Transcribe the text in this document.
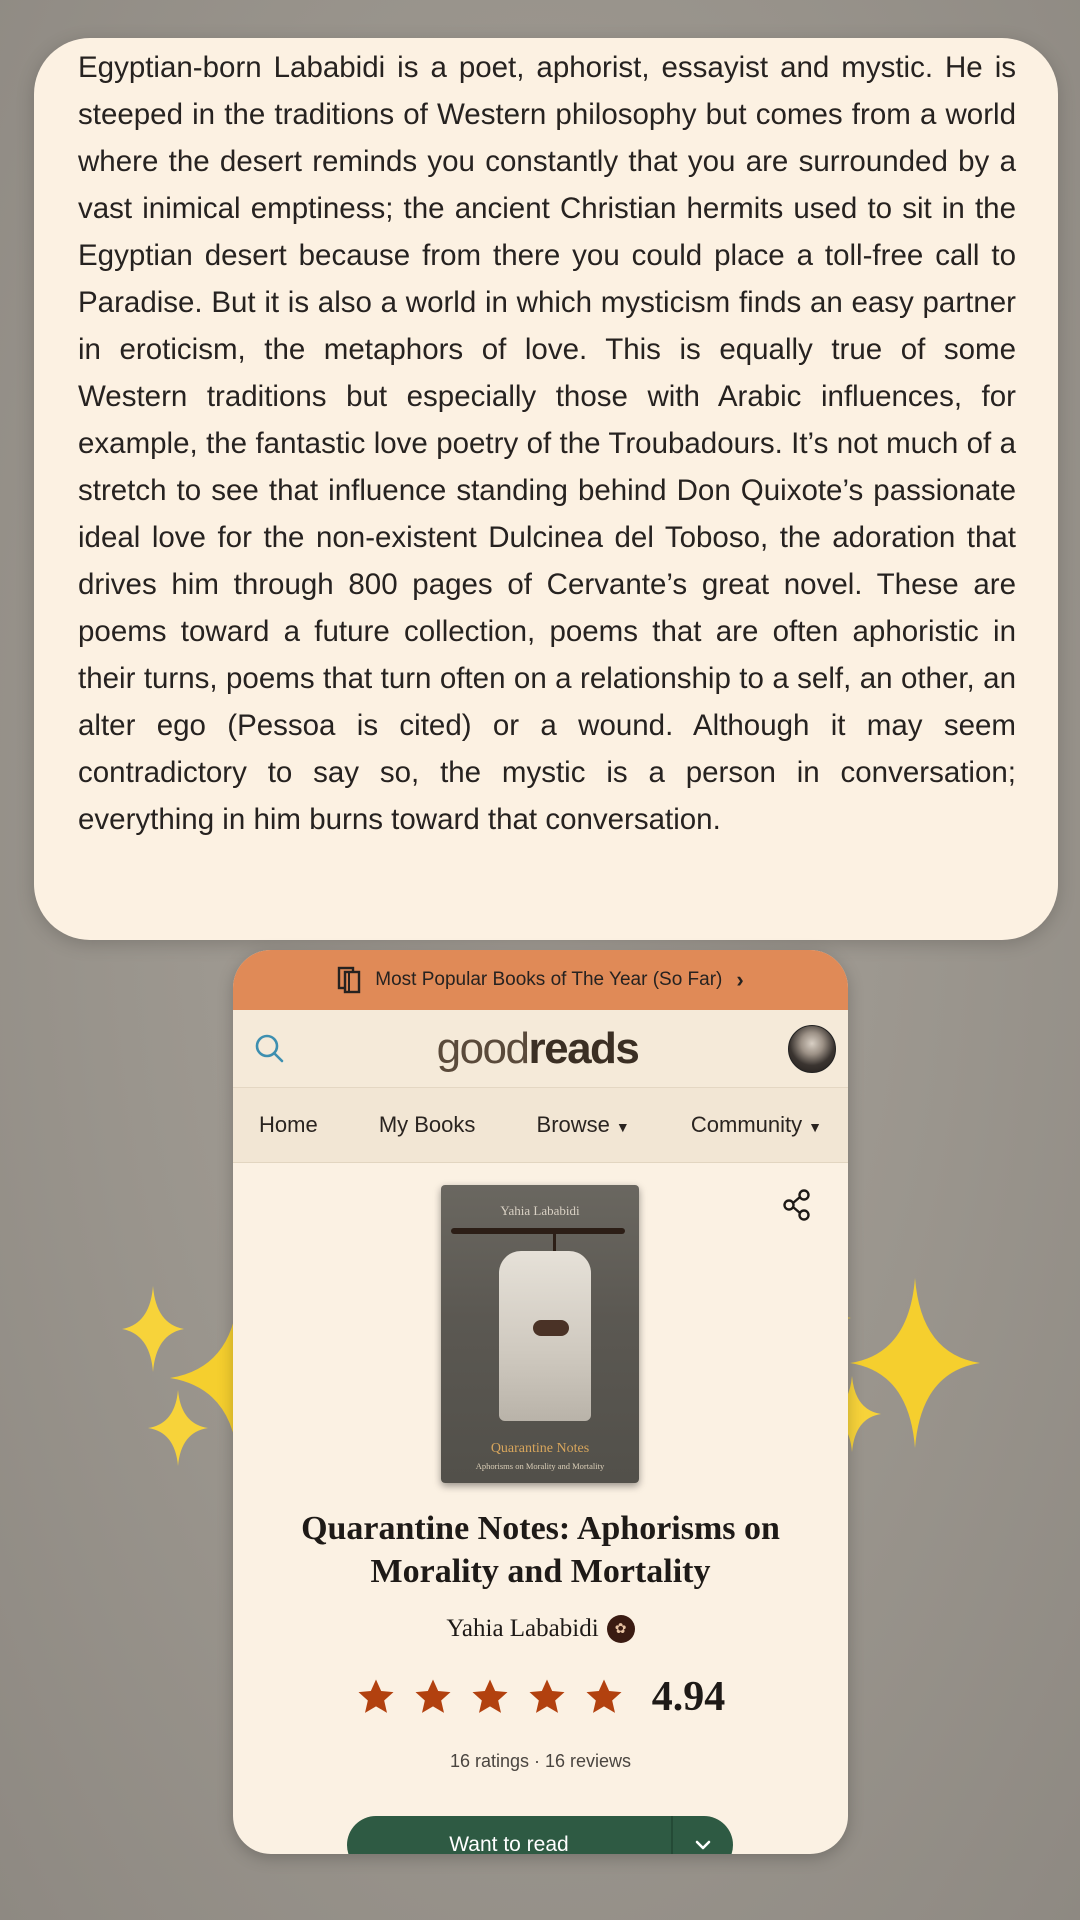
Egyptian-born Lababidi is a poet, aphorist, essayist and mystic. He is steeped in the traditions of Western philosophy but comes from a world where the desert reminds you constantly that you are surrounded by a vast inimical emptiness; the ancient Christian hermits used to sit in the Egyptian desert because from there you could place a toll-free call to Paradise. But it is also a world in which mysticism finds an easy partner in eroticism, the metaphors of love. This is equally true of some Western traditions but especially those with Arabic influences, for example, the fantastic love poetry of the Troubadours. It’s not much of a stretch to see that influence standing behind Don Quixote’s passionate ideal love for the non-existent Dulcinea del Toboso, the adoration that drives him through 800 pages of Cervante’s great novel. These are poems toward a future collection, poems that are often aphoristic in their turns, poems that turn often on a relationship to a self, an other, an alter ego (Pessoa is cited) or a wound. Although it may seem contradictory to say so, the mystic is a person in conversation; everything in him burns toward that conversation.

Most Popular Books of The Year (So Far) ›
goodreads
Home	My Books	Browse ▼	Community ▼
Yahia Lababidi
Quarantine Notes
Aphorisms on Morality and Mortality
Quarantine Notes: Aphorisms on Morality and Mortality
Yahia Lababidi	✿
4.94
16 ratings · 16 reviews
Want to read
